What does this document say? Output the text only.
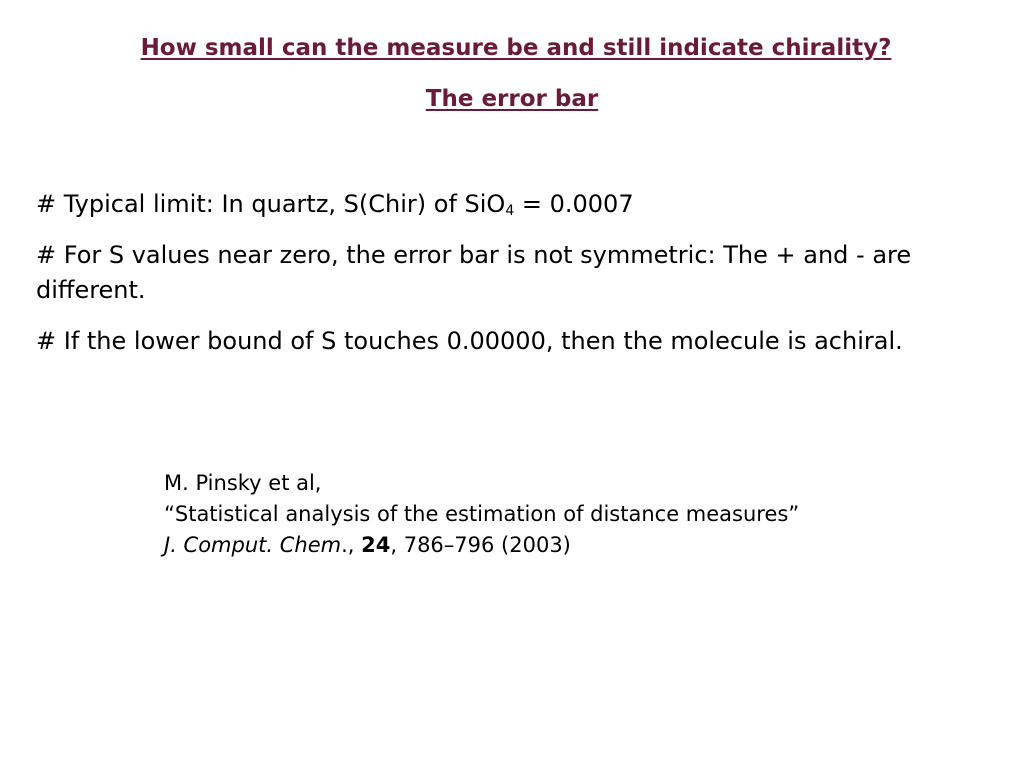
How small can the measure be and still indicate chirality?
The error bar

# Typical limit: In quartz, S(Chir) of SiO$_4$ = 0.0007

# For S values near zero, the error bar is not symmetric: The + and - are different.

# If the lower bound of S touches 0.00000, then the molecule is achiral.

M. Pinsky et al,
“Statistical analysis of the estimation of distance measures”
J. Comput. Chem., 24, 786–796 (2003)
